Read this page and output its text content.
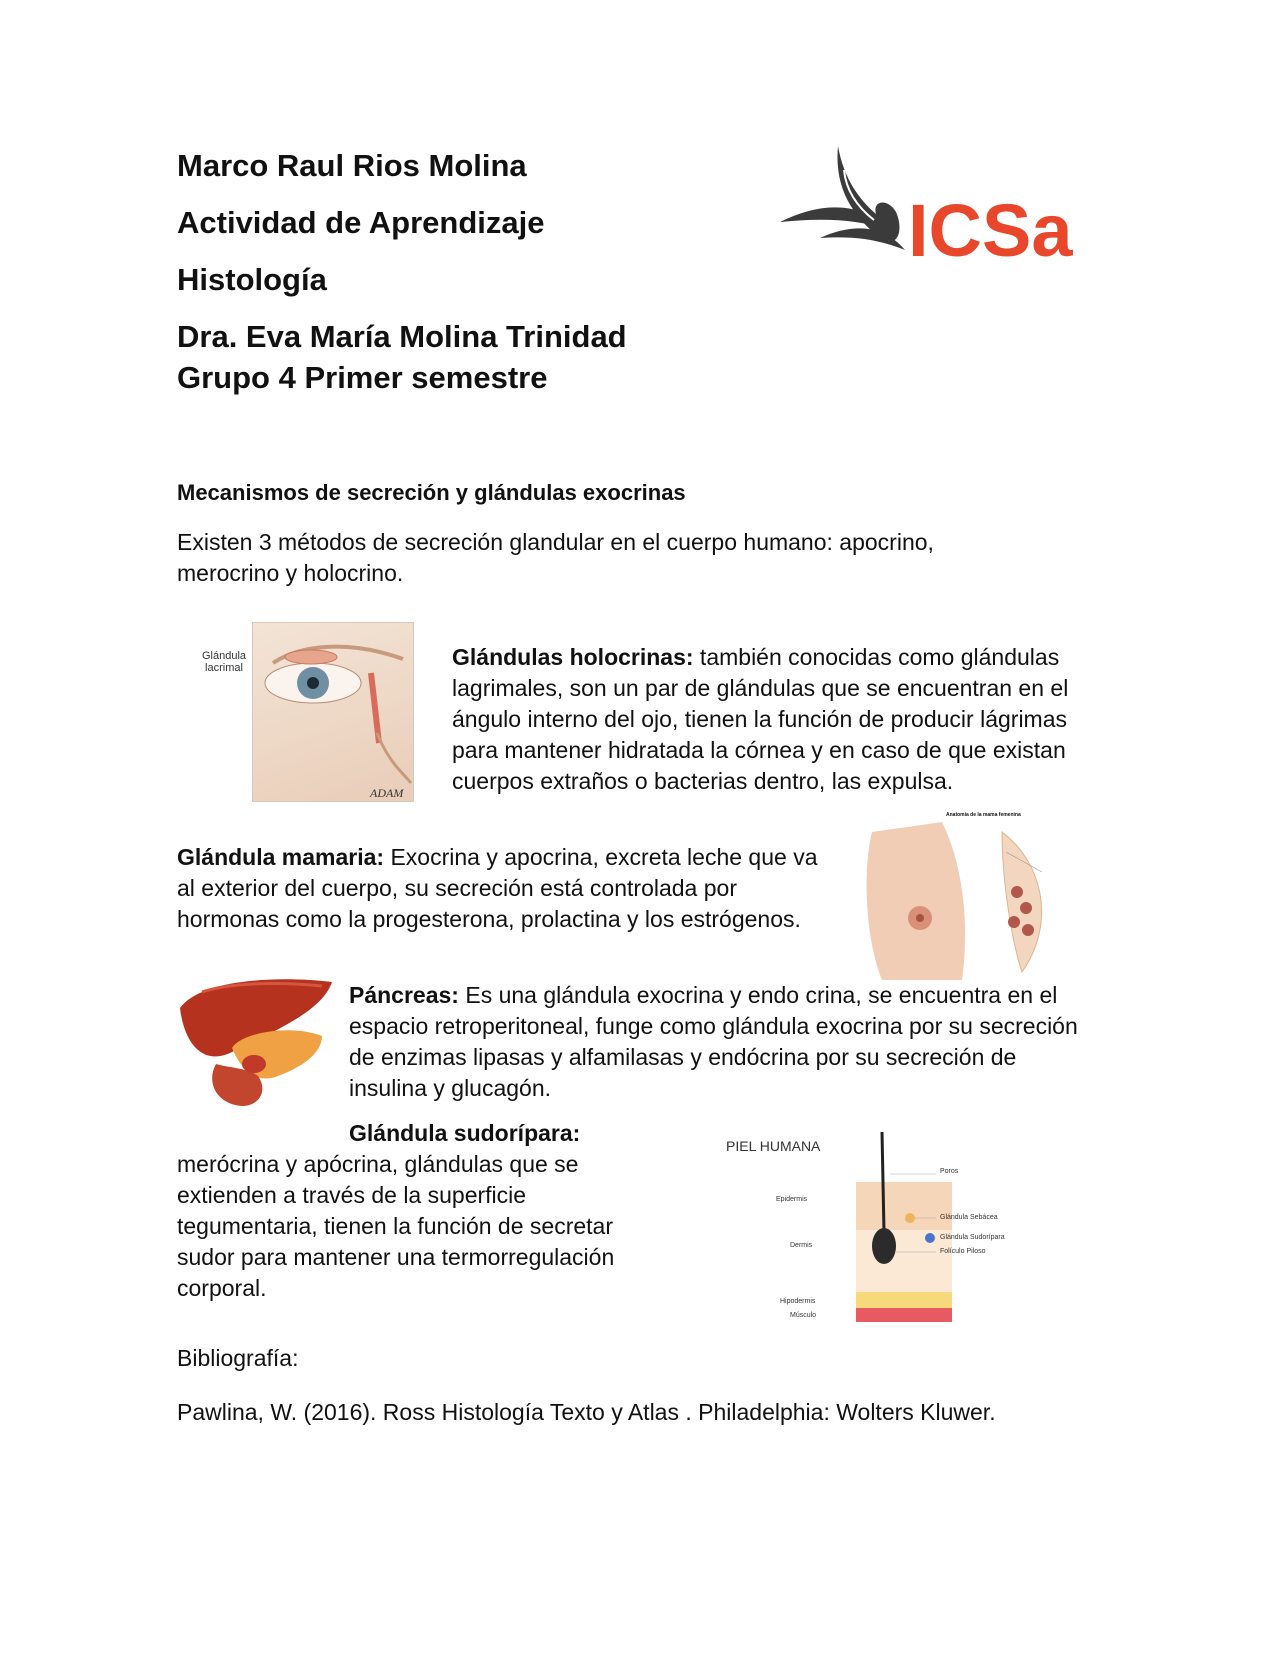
Marco Raul Rios Molina
Actividad de Aprendizaje
Histología
Dra. Eva María Molina Trinidad
Grupo 4 Primer semestre
ICSa
Mecanismos de secreción y glándulas exocrinas
Existen 3 métodos de secreción glandular en el cuerpo humano: apocrino, merocrino y holocrino.
Glándula lacrimal
ADAM
Glándulas holocrinas: también conocidas como glándulas lagrimales, son un par de glándulas que se encuentran en el ángulo interno del ojo, tienen la función de producir lágrimas para mantener hidratada la córnea y en caso de que existan cuerpos extraños o bacterias dentro, las expulsa.
Glándula mamaria: Exocrina y apocrina, excreta leche que va al exterior del cuerpo, su secreción está controlada por hormonas como la progesterona, prolactina y los estrógenos.
Anatomía de la mama femenina
Páncreas: Es una glándula exocrina y endo crina, se encuentra en el espacio retroperitoneal, funge como glándula exocrina por su secreción de enzimas lipasas y alfamilasas y endócrina por su secreción de insulina y glucagón.
Glándula sudorípara:
merócrina y apócrina, glándulas que se extienden a través de la superficie tegumentaria, tienen la función de secretar sudor para mantener una termorregulación corporal.
PIEL HUMANA
Epidermis
Dermis
Hipodermis
Músculo
Poros
Glándula Sebácea
Glándula Sudorípara
Folículo Piloso
Bibliografía:
Pawlina, W. (2016). Ross Histología Texto y Atlas . Philadelphia: Wolters Kluwer.
